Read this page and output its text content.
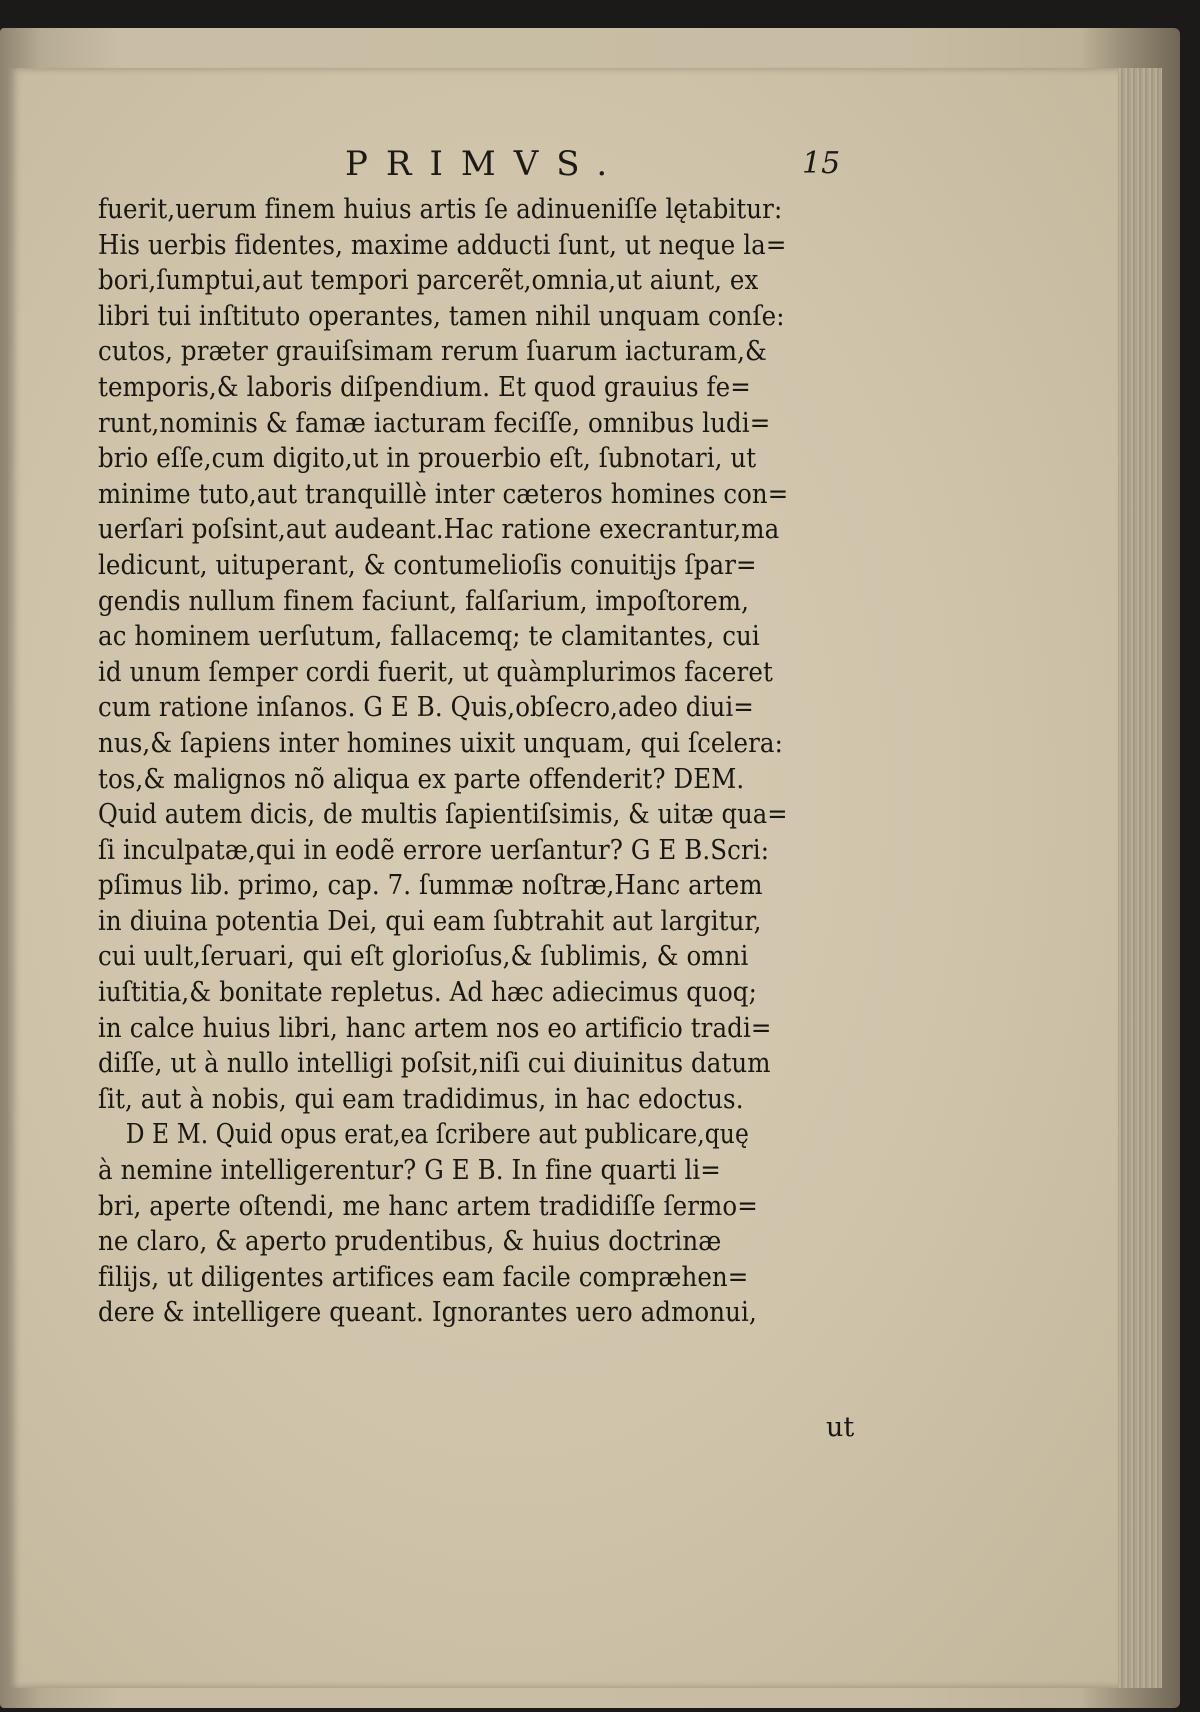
PRIMVS.	15
fuerit,uerum finem huius artis ſe adinueniſſe lętabitur:
His uerbis fidentes, maxime adducti ſunt, ut neque la=
bori,ſumptui,aut tempori parcerẽt,omnia,ut aiunt, ex
libri tui inſtituto operantes, tamen nihil unquam conſe:
cutos, præter grauiſsimam rerum ſuarum iacturam,&
temporis,& laboris diſpendium. Et quod grauius fe=
runt,nominis & famæ iacturam feciſſe, omnibus ludi=
brio eſſe,cum digito,ut in prouerbio eſt, ſubnotari, ut
minime tuto,aut tranquillè inter cæteros homines con=
uerſari poſsint,aut audeant.Hac ratione execrantur,ma
ledicunt, uituperant, & contumelioſis conuitijs ſpar=
gendis nullum finem faciunt, falſarium, impoſtorem,
ac hominem uerſutum, fallacemq; te clamitantes, cui
id unum ſemper cordi fuerit, ut quàmplurimos faceret
cum ratione inſanos. G E B. Quis,obſecro,adeo diui=
nus,& ſapiens inter homines uixit unquam, qui ſcelera:
tos,& malignos nõ aliqua ex parte offenderit? DEM.
Quid autem dicis, de multis ſapientiſsimis, & uitæ qua=
ſi inculpatæ,qui in eodẽ errore uerſantur? G E B.Scri:
pſimus lib. primo, cap. 7. ſummæ noſtræ,Hanc artem
in diuina potentia Dei, qui eam ſubtrahit aut largitur,
cui uult,ſeruari, qui eſt glorioſus,& ſublimis, & omni
iuſtitia,& bonitate repletus. Ad hæc adiecimus quoq;
in calce huius libri, hanc artem nos eo artificio tradi=
diſſe, ut à nullo intelligi poſsit,niſi cui diuinitus datum
ſit, aut à nobis, qui eam tradidimus, in hac edoctus.
D E M. Quid opus erat,ea ſcribere aut publicare,quę
à nemine intelligerentur? G E B. In fine quarti li=
bri, aperte oſtendi, me hanc artem tradidiſſe ſermo=
ne claro, & aperto prudentibus, & huius doctrinæ
filijs, ut diligentes artifices eam facile compræhen=
dere & intelligere queant. Ignorantes uero admonui,
ut
